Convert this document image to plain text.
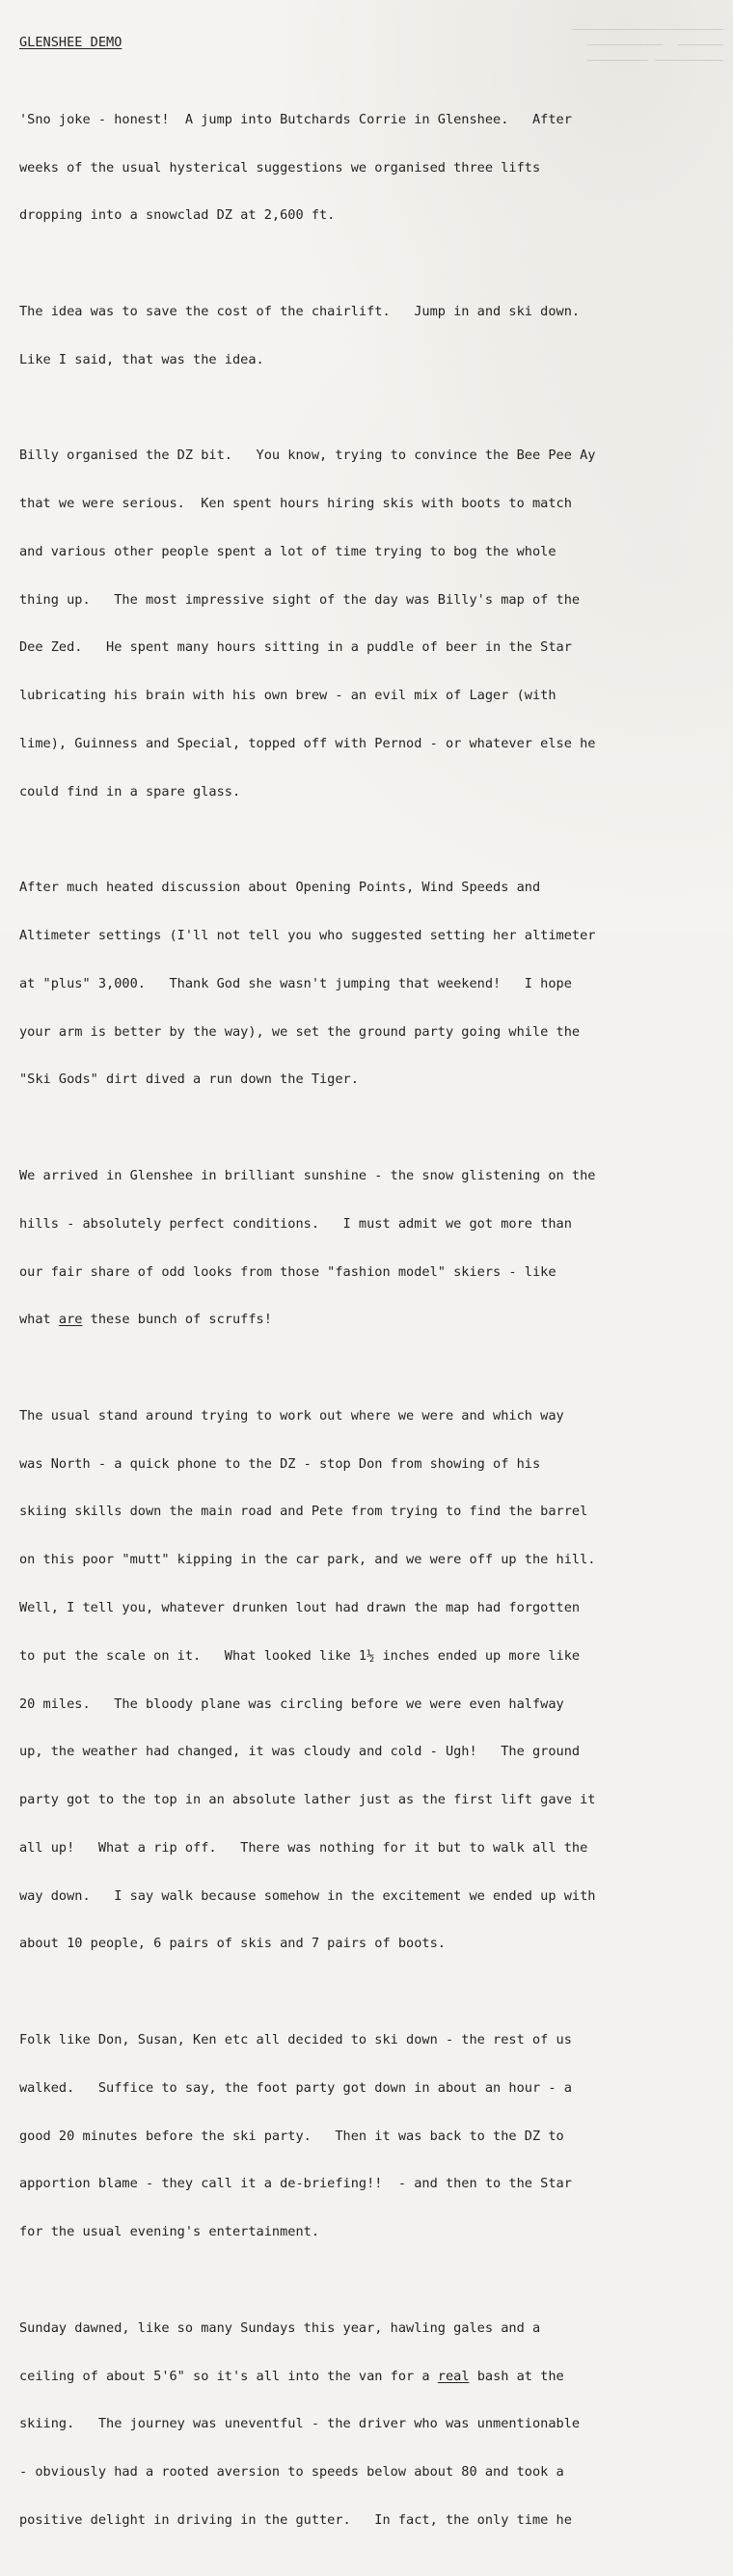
────────────────────
──────  ──────────
───────── ────────

GLENSHEE DEMO

'Sno joke - honest!  A jump into Butchards Corrie in Glenshee.   After

weeks of the usual hysterical suggestions we organised three lifts

dropping into a snowclad DZ at 2,600 ft.

The idea was to save the cost of the chairlift.   Jump in and ski down.

Like I said, that was the idea.

Billy organised the DZ bit.   You know, trying to convince the Bee Pee Ay

that we were serious.  Ken spent hours hiring skis with boots to match

and various other people spent a lot of time trying to bog the whole

thing up.   The most impressive sight of the day was Billy's map of the

Dee Zed.   He spent many hours sitting in a puddle of beer in the Star

lubricating his brain with his own brew - an evil mix of Lager (with

lime), Guinness and Special, topped off with Pernod - or whatever else he

could find in a spare glass.

After much heated discussion about Opening Points, Wind Speeds and

Altimeter settings (I'll not tell you who suggested setting her altimeter

at "plus" 3,000.   Thank God she wasn't jumping that weekend!   I hope

your arm is better by the way), we set the ground party going while the

"Ski Gods" dirt dived a run down the Tiger.

We arrived in Glenshee in brilliant sunshine - the snow glistening on the

hills - absolutely perfect conditions.   I must admit we got more than

our fair share of odd looks from those "fashion model" skiers - like

what are these bunch of scruffs!

The usual stand around trying to work out where we were and which way

was North - a quick phone to the DZ - stop Don from showing of his

skiing skills down the main road and Pete from trying to find the barrel

on this poor "mutt" kipping in the car park, and we were off up the hill.

Well, I tell you, whatever drunken lout had drawn the map had forgotten

to put the scale on it.   What looked like 1½ inches ended up more like

20 miles.   The bloody plane was circling before we were even halfway

up, the weather had changed, it was cloudy and cold - Ugh!   The ground

party got to the top in an absolute lather just as the first lift gave it

all up!   What a rip off.   There was nothing for it but to walk all the

way down.   I say walk because somehow in the excitement we ended up with

about 10 people, 6 pairs of skis and 7 pairs of boots.

Folk like Don, Susan, Ken etc all decided to ski down - the rest of us

walked.   Suffice to say, the foot party got down in about an hour - a

good 20 minutes before the ski party.   Then it was back to the DZ to

apportion blame - they call it a de-briefing!!  - and then to the Star

for the usual evening's entertainment.

Sunday dawned, like so many Sundays this year, hawling gales and a

ceiling of about 5'6" so it's all into the van for a real bash at the

skiing.   The journey was uneventful - the driver who was unmentionable

- obviously had a rooted aversion to speeds below about 80 and took a

positive delight in driving in the gutter.   In fact, the only time he
